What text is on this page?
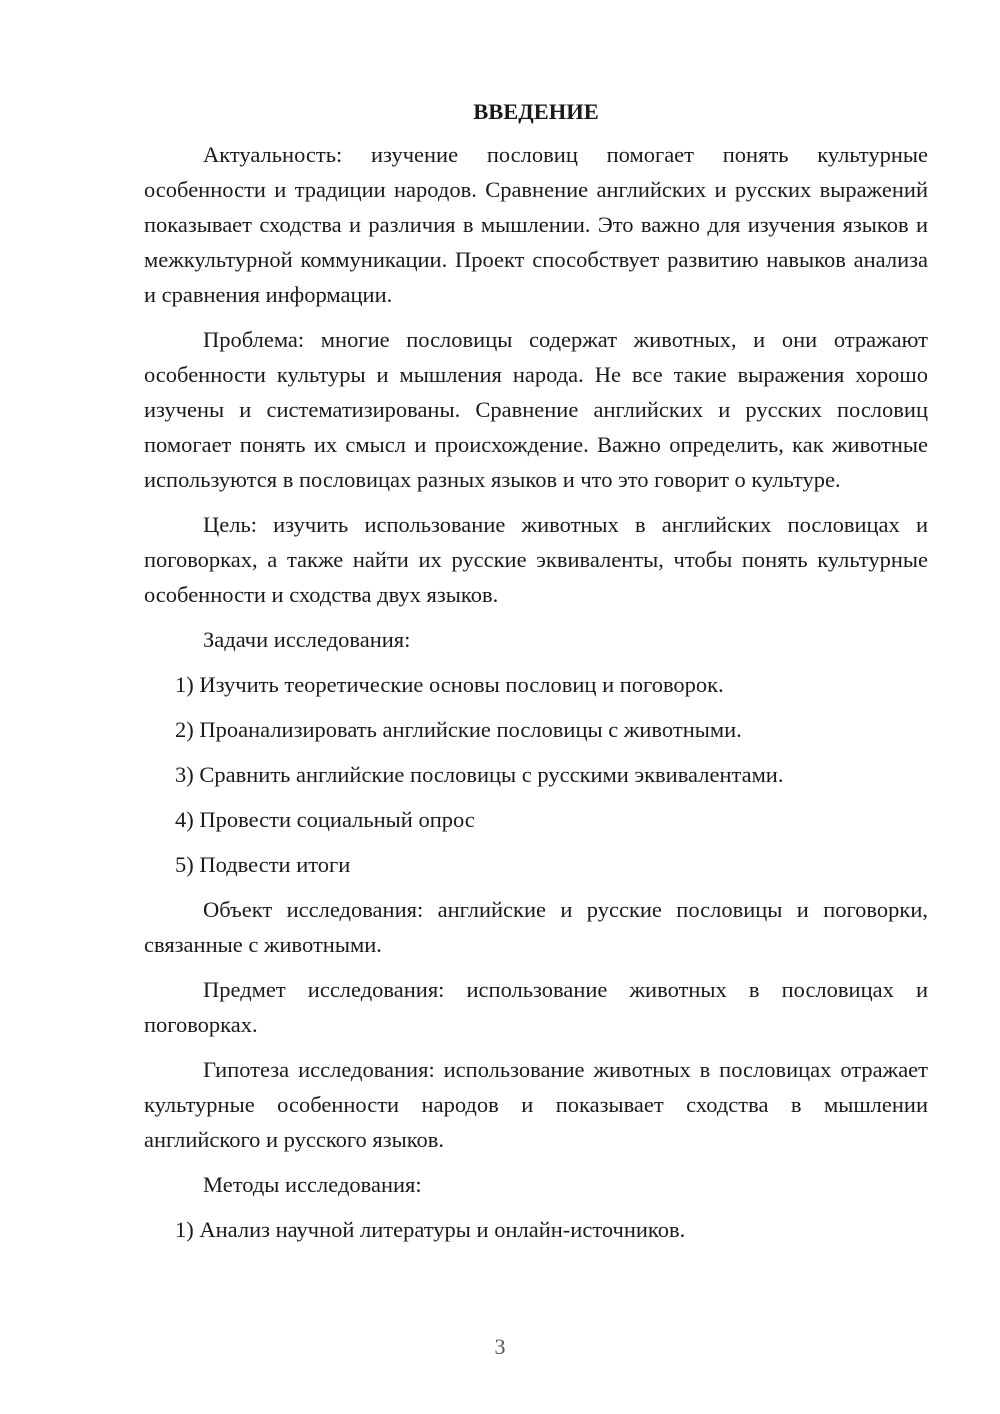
ВВЕДЕНИЕ

Актуальность: изучение пословиц помогает понять культурные особенности и традиции народов. Сравнение английских и русских выражений показывает сходства и различия в мышлении. Это важно для изучения языков и межкультурной коммуникации. Проект способствует развитию навыков анализа и сравнения информации.

Проблема: многие пословицы содержат животных, и они отражают особенности культуры и мышления народа. Не все такие выражения хорошо изучены и систематизированы. Сравнение английских и русских пословиц помогает понять их смысл и происхождение. Важно определить, как животные используются в пословицах разных языков и что это говорит о культуре.

Цель: изучить использование животных в английских пословицах и поговорках, а также найти их русские эквиваленты, чтобы понять культурные особенности и сходства двух языков.

Задачи исследования:

1) Изучить теоретические основы пословиц и поговорок.
2) Проанализировать английские пословицы с животными.
3) Сравнить английские пословицы с русскими эквивалентами.
4) Провести социальный опрос
5) Подвести итоги

Объект исследования: английские и русские пословицы и поговорки, связанные с животными.

Предмет исследования: использование животных в пословицах и поговорках.

Гипотеза исследования: использование животных в пословицах отражает культурные особенности народов и показывает сходства в мышлении английского и русского языков.

Методы исследования:

1) Анализ научной литературы и онлайн-источников.
3
